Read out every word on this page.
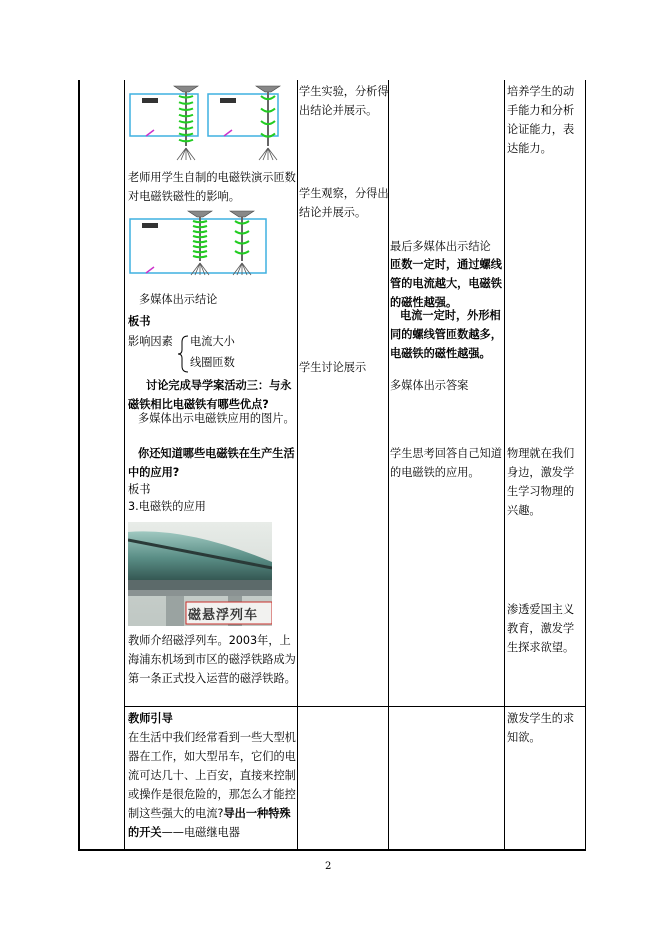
老师用学生自制的电磁铁演示匝数对电磁铁磁性的影响。
多媒体出示结论
板书
影响因素 电流大小
线圈匝数
讨论完成导学案活动三：与永磁铁相比电磁铁有哪些优点?
多媒体出示电磁铁应用的图片。
你还知道哪些电磁铁在生产生活中的应用?
板书
3.电磁铁的应用
磁悬浮列车
教师介绍磁浮列车。2003年，上海浦东机场到市区的磁浮铁路成为第一条正式投入运营的磁浮铁路。
教师引导
在生活中我们经常看到一些大型机器在工作，如大型吊车，它们的电流可达几十、上百安，直接来控制或操作是很危险的，那怎么才能控制这些强大的电流?导出一种特殊的开关——电磁继电器
学生实验，分析得出结论并展示。
学生观察，分得出结论并展示。
学生讨论展示
最后多媒体出示结论
匝数一定时，通过螺线管的电流越大，电磁铁的磁性越强。
电流一定时，外形相同的螺线管匝数越多，电磁铁的磁性越强。
多媒体出示答案
学生思考回答自己知道的电磁铁的应用。
培养学生的动手能力和分析论证能力，表达能力。
物理就在我们身边，激发学生学习物理的兴趣。
渗透爱国主义教育，激发学生探求欲望。
激发学生的求知欲。
2
